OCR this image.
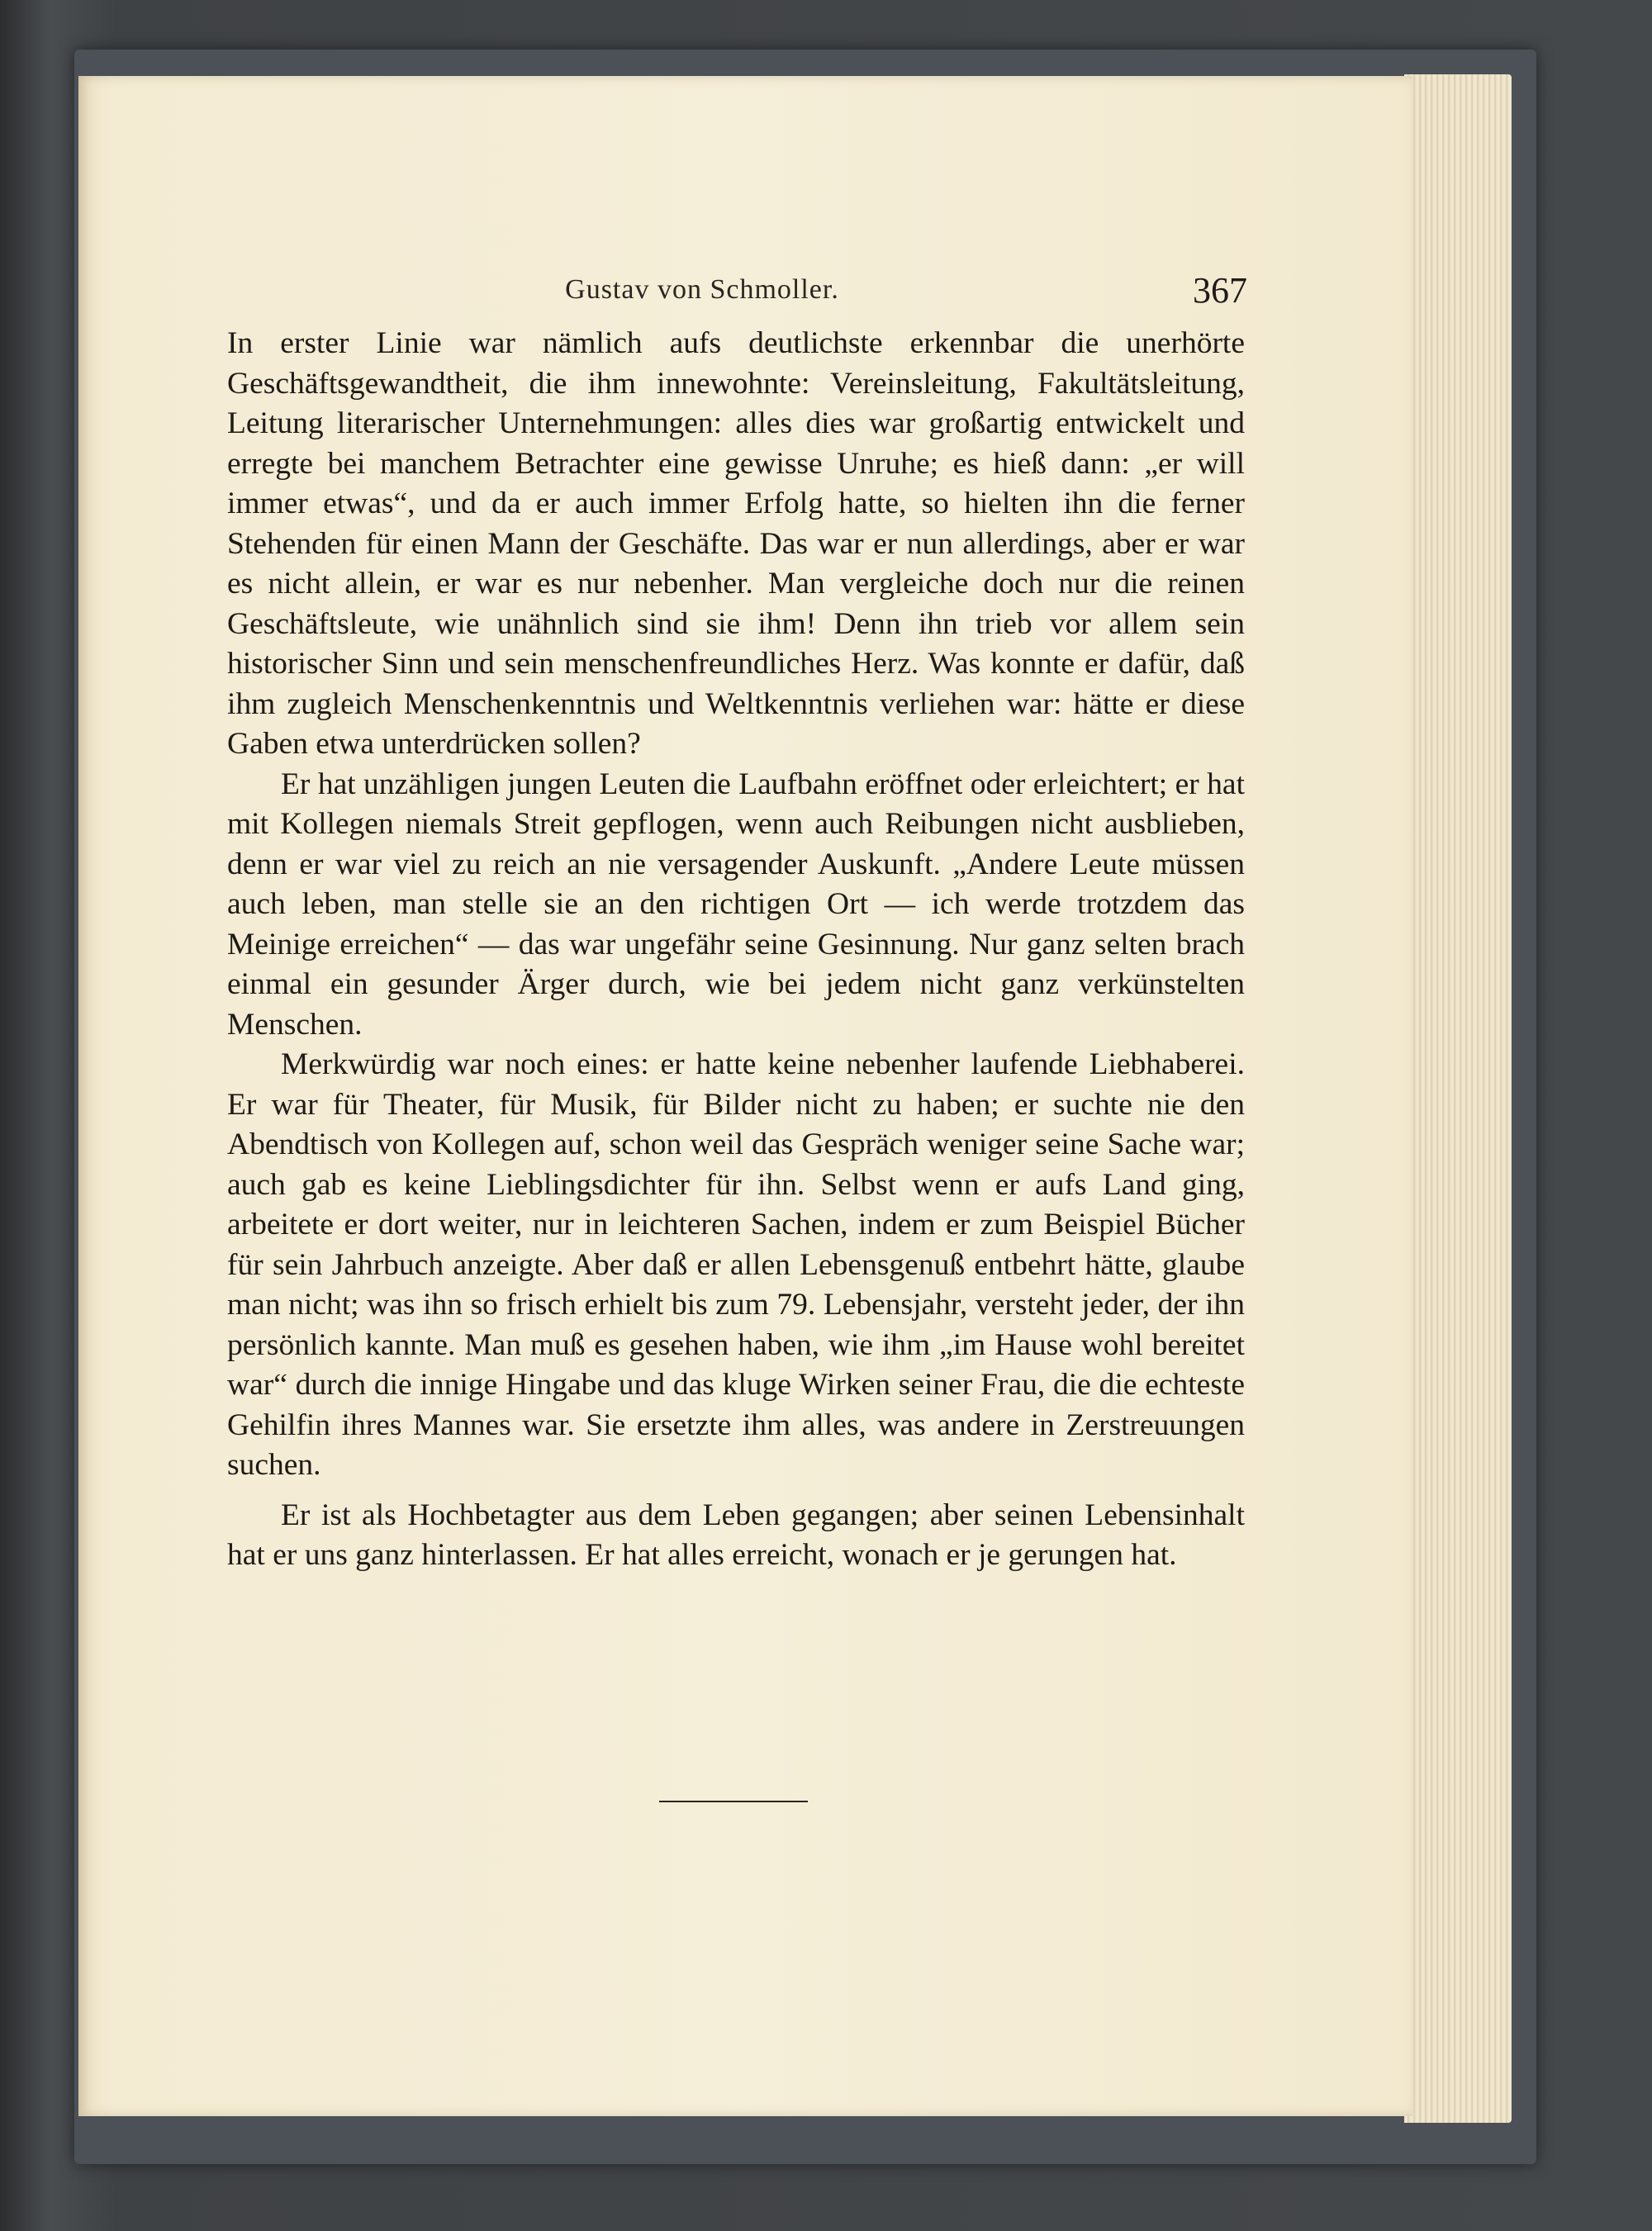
Gustav von Schmoller.	367

In erster Linie war nämlich aufs deutlichste erkennbar die unerhörte Geschäftsgewandtheit, die ihm innewohnte: Vereinsleitung, Fakultätsleitung, Leitung literarischer Unternehmungen: alles dies war großartig entwickelt und erregte bei manchem Betrachter eine gewisse Unruhe; es hieß dann: „er will immer etwas“, und da er auch immer Erfolg hatte, so hielten ihn die ferner Stehenden für einen Mann der Geschäfte. Das war er nun allerdings, aber er war es nicht allein, er war es nur nebenher. Man vergleiche doch nur die reinen Geschäftsleute, wie unähnlich sind sie ihm! Denn ihn trieb vor allem sein historischer Sinn und sein menschenfreundliches Herz. Was konnte er dafür, daß ihm zugleich Menschenkenntnis und Weltkenntnis verliehen war: hätte er diese Gaben etwa unterdrücken sollen?

Er hat unzähligen jungen Leuten die Laufbahn eröffnet oder erleichtert; er hat mit Kollegen niemals Streit gepflogen, wenn auch Reibungen nicht ausblieben, denn er war viel zu reich an nie versagender Auskunft. „Andere Leute müssen auch leben, man stelle sie an den richtigen Ort — ich werde trotzdem das Meinige erreichen“ — das war ungefähr seine Gesinnung. Nur ganz selten brach einmal ein gesunder Ärger durch, wie bei jedem nicht ganz verkünstelten Menschen.

Merkwürdig war noch eines: er hatte keine nebenher laufende Liebhaberei. Er war für Theater, für Musik, für Bilder nicht zu haben; er suchte nie den Abendtisch von Kollegen auf, schon weil das Gespräch weniger seine Sache war; auch gab es keine Lieblingsdichter für ihn. Selbst wenn er aufs Land ging, arbeitete er dort weiter, nur in leichteren Sachen, indem er zum Beispiel Bücher für sein Jahrbuch anzeigte. Aber daß er allen Lebensgenuß entbehrt hätte, glaube man nicht; was ihn so frisch erhielt bis zum 79. Lebensjahr, versteht jeder, der ihn persönlich kannte. Man muß es gesehen haben, wie ihm „im Hause wohl bereitet war“ durch die innige Hingabe und das kluge Wirken seiner Frau, die die echteste Gehilfin ihres Mannes war. Sie ersetzte ihm alles, was andere in Zerstreuungen suchen.

Er ist als Hochbetagter aus dem Leben gegangen; aber seinen Lebensinhalt hat er uns ganz hinterlassen. Er hat alles erreicht, wonach er je gerungen hat.
